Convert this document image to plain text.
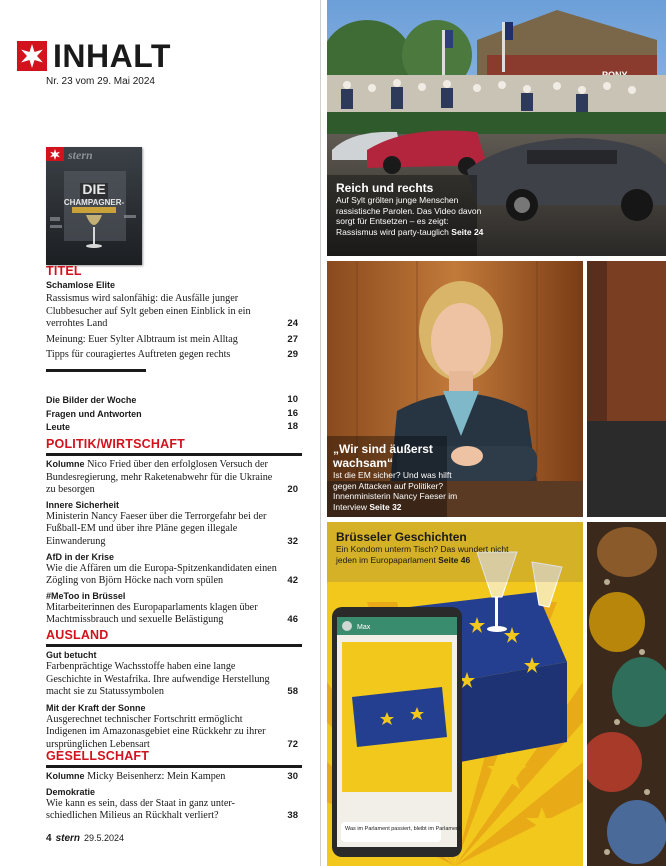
INHALT
Nr. 23 vom 29. Mai 2024
stern
DIE
CHAMPAGNER-
TITEL
Schamlose Elite
Rassismus wird salonfähig: die Ausfälle junger Clubbesucher auf Sylt geben einen Einblick in ein verrohtes Land	24
Meinung: Euer Sylter Albtraum ist mein Alltag	27
Tipps für couragiertes Auftreten gegen rechts	29
Die Bilder der Woche	10
Fragen und Antworten	16
Leute	18
POLITIK/WIRTSCHAFT
Kolumne Nico Fried über den erfolglosen Versuch der Bundesregierung, mehr Raketenabwehr für die Ukraine zu besorgen	20
Innere Sicherheit
Ministerin Nancy Faeser über die Terrorgefahr bei der Fußball-EM und über ihre Pläne gegen illegale Einwanderung	32
AfD in der Krise
Wie die Affären um die Europa-Spitzenkandidaten einen Zögling von Björn Höcke nach vorn spülen	42
#MeToo in Brüssel
Mitarbeiterinnen des Europaparlaments klagen über Machtmissbrauch und sexuelle Belästigung	46
AUSLAND
Gut betucht
Farbenprächtige Wachsstoffe haben eine lange Geschichte in Westafrika. Ihre aufwendige Herstellung macht sie zu Statussymbolen	58
Mit der Kraft der Sonne
Ausgerechnet technischer Fortschritt ermöglicht Indigenen im Amazonasgebiet eine Rückkehr zu ihrer ursprünglichen Lebensart	72
GESELLSCHAFT
Kolumne Micky Beisenherz: Mein Kampen	30
Demokratie
Wie kann es sein, dass der Staat in ganz unter-schiedlichen Milieus an Rückhalt verliert?	38
4 stern 29.5.2024
Reich und rechts
Auf Sylt grölten junge Menschen rassistische Parolen. Das Video davon sorgt für Entsetzen – es zeigt: Rassismus wird party-tauglich Seite 24
„Wir sind äußerst wachsam“
Ist die EM sicher? Und was hilft gegen Attacken auf Politiker? Innenministerin Nancy Faeser im Interview Seite 32
Max
Was im Parlament passiert, bleibt im Parlament.
Brüsseler Geschichten
Ein Kondom unterm Tisch? Das wundert nicht jeden im Europaparlament Seite 46
